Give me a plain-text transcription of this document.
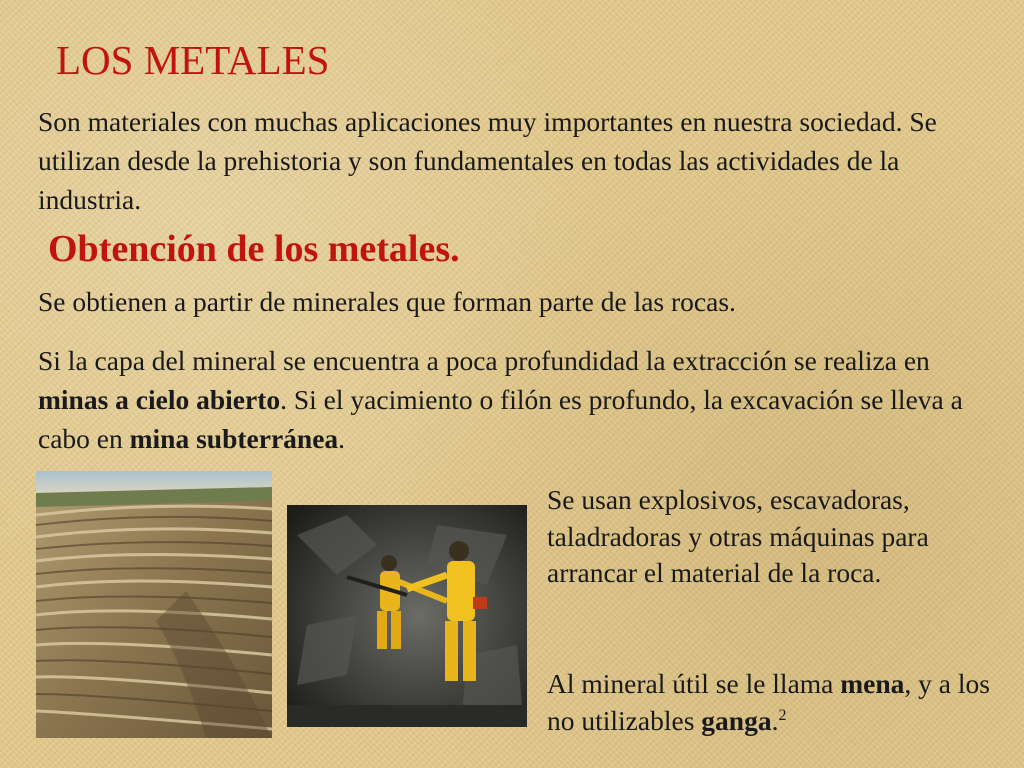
LOS METALES

Son materiales con muchas aplicaciones muy importantes en nuestra sociedad. Se utilizan desde la prehistoria y son fundamentales en todas las actividades de la industria.

Obtención de los metales.

Se obtienen a partir de minerales que forman parte de las rocas.

Si la capa del mineral se encuentra a poca profundidad la extracción se realiza en minas a cielo abierto. Si el yacimiento o filón es profundo, la excavación se lleva a cabo en mina subterránea.

Se usan explosivos, escavadoras, taladradoras y otras máquinas para arrancar el material de la roca.

Al mineral útil se le llama mena, y a los no utilizables ganga.$^2$
